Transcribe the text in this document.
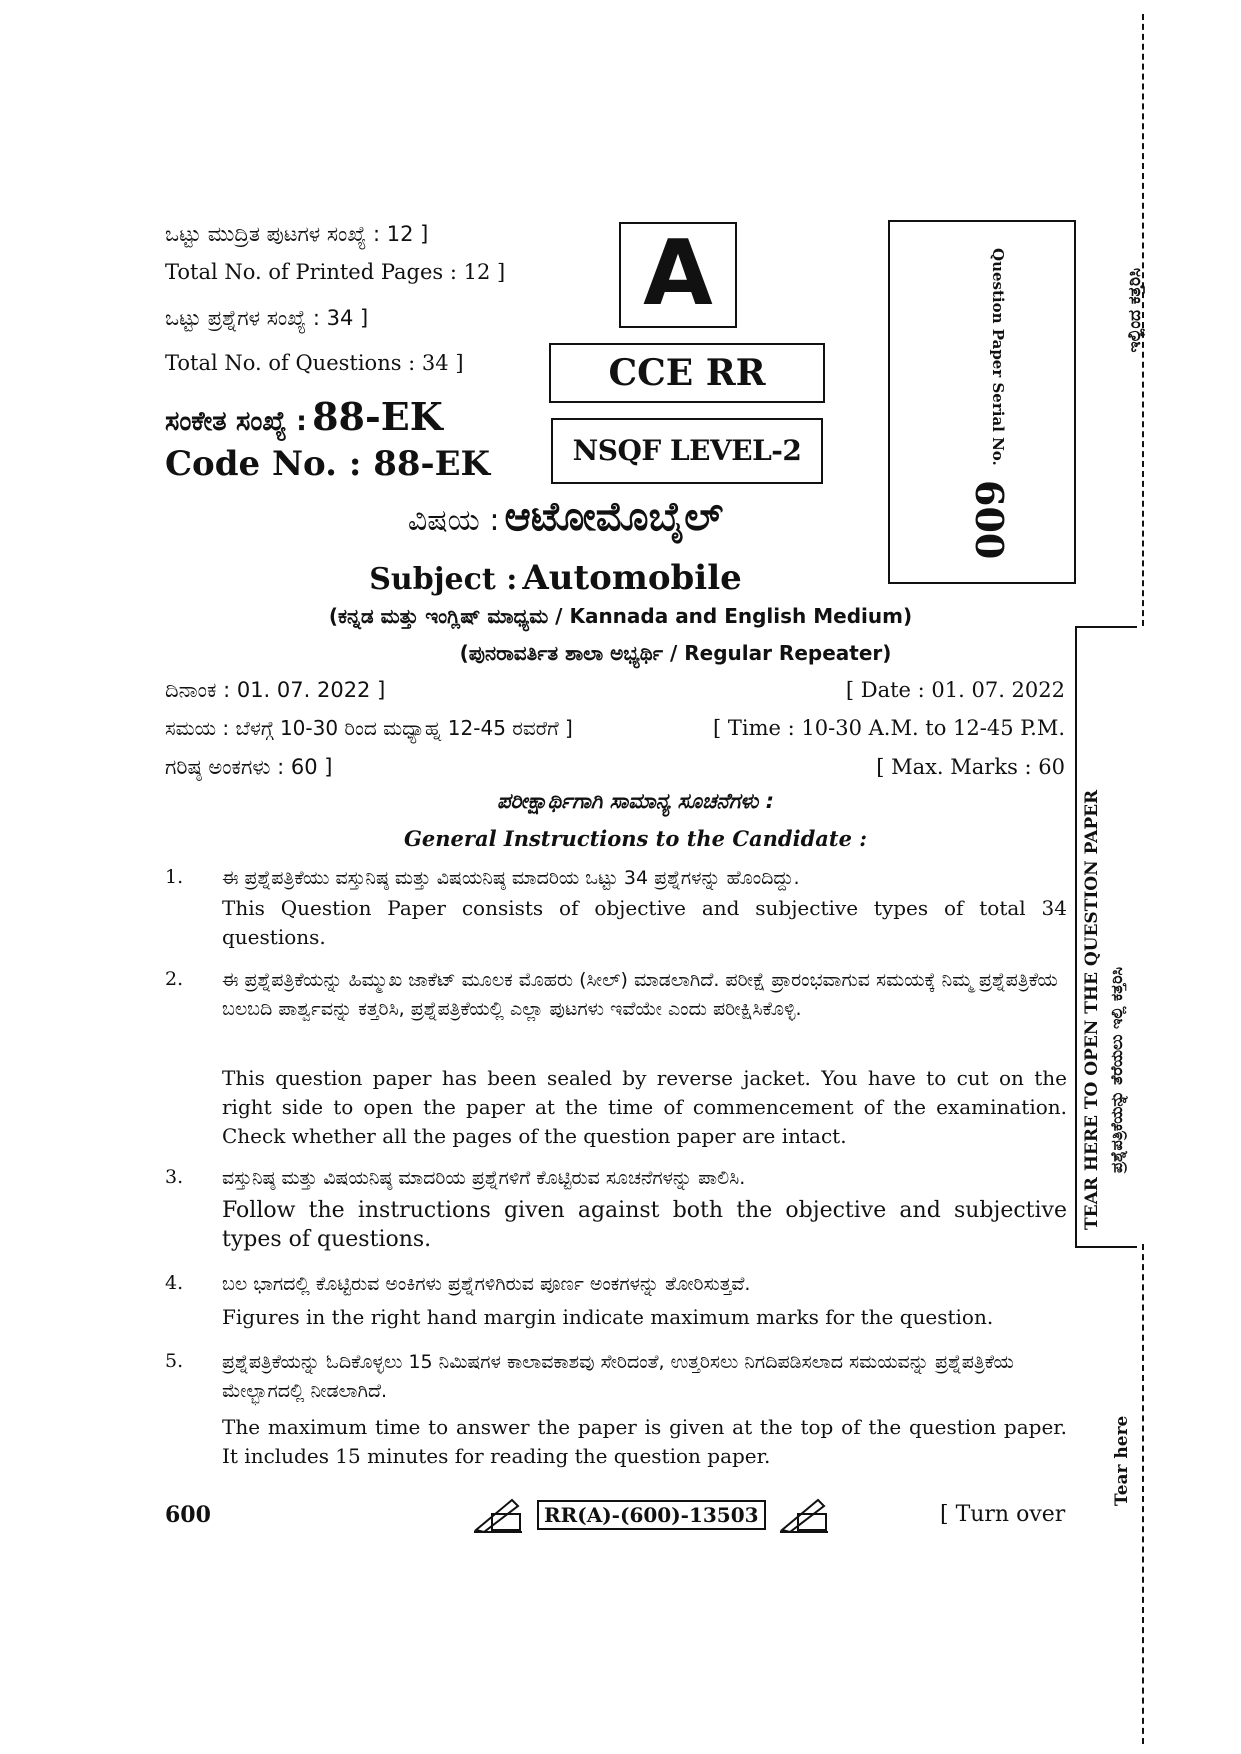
ಒಟ್ಟು ಮುದ್ರಿತ ಪುಟಗಳ ಸಂಖ್ಯೆ : 12 ]
Total No. of Printed Pages : 12 ]
ಒಟ್ಟು ಪ್ರಶ್ನೆಗಳ ಸಂಖ್ಯೆ : 34 ]
Total No. of Questions : 34 ]
ಸಂಕೇತ ಸಂಖ್ಯೆ : 88-EK
Code No. : 88-EK
A
CCE RR
NSQF LEVEL-2	Question Paper Serial No.
600
ವಿಷಯ : ಆಟೋಮೊಬೈಲ್
Subject : Automobile
(ಕನ್ನಡ ಮತ್ತು ಇಂಗ್ಲಿಷ್ ಮಾಧ್ಯಮ / Kannada and English Medium)
(ಪುನರಾವರ್ತಿತ ಶಾಲಾ ಅಭ್ಯರ್ಥಿ / Regular Repeater)
ದಿನಾಂಕ : 01. 07. 2022 ]	[ Date : 01. 07. 2022
ಸಮಯ : ಬೆಳಗ್ಗೆ 10-30 ರಿಂದ ಮಧ್ಯಾಹ್ನ 12-45 ರವರೆಗೆ ]	[ Time : 10-30 A.M. to 12-45 P.M.
ಗರಿಷ್ಠ ಅಂಕಗಳು : 60 ]	[ Max. Marks : 60
ಪರೀಕ್ಷಾರ್ಥಿಗಾಗಿ ಸಾಮಾನ್ಯ ಸೂಚನೆಗಳು :
General Instructions to the Candidate :
1. ಈ ಪ್ರಶ್ನೆಪತ್ರಿಕೆಯು ವಸ್ತುನಿಷ್ಠ ಮತ್ತು ವಿಷಯನಿಷ್ಠ ಮಾದರಿಯ ಒಟ್ಟು 34 ಪ್ರಶ್ನೆಗಳನ್ನು ಹೊಂದಿದ್ದು.
This Question Paper consists of objective and subjective types of total 34 questions.
2. ಈ ಪ್ರಶ್ನೆಪತ್ರಿಕೆಯನ್ನು ಹಿಮ್ಮುಖ ಜಾಕೆಟ್ ಮೂಲಕ ಮೊಹರು (ಸೀಲ್) ಮಾಡಲಾಗಿದೆ. ಪರೀಕ್ಷೆ ಪ್ರಾರಂಭವಾಗುವ ಸಮಯಕ್ಕೆ ನಿಮ್ಮ ಪ್ರಶ್ನೆಪತ್ರಿಕೆಯ ಬಲಬದಿ ಪಾರ್ಶ್ವವನ್ನು ಕತ್ತರಿಸಿ, ಪ್ರಶ್ನೆಪತ್ರಿಕೆಯಲ್ಲಿ ಎಲ್ಲಾ ಪುಟಗಳು ಇವೆಯೇ ಎಂದು ಪರೀಕ್ಷಿಸಿಕೊಳ್ಳಿ.
This question paper has been sealed by reverse jacket. You have to cut on the right side to open the paper at the time of commencement of the examination. Check whether all the pages of the question paper are intact.
3. ವಸ್ತುನಿಷ್ಠ ಮತ್ತು ವಿಷಯನಿಷ್ಠ ಮಾದರಿಯ ಪ್ರಶ್ನೆಗಳಿಗೆ ಕೊಟ್ಟಿರುವ ಸೂಚನೆಗಳನ್ನು ಪಾಲಿಸಿ.
Follow the instructions given against both the objective and subjective types of questions.
4. ಬಲ ಭಾಗದಲ್ಲಿ ಕೊಟ್ಟಿರುವ ಅಂಕಿಗಳು ಪ್ರಶ್ನೆಗಳಿಗಿರುವ ಪೂರ್ಣ ಅಂಕಗಳನ್ನು ತೋರಿಸುತ್ತವೆ.
Figures in the right hand margin indicate maximum marks for the question.
5. ಪ್ರಶ್ನೆಪತ್ರಿಕೆಯನ್ನು ಓದಿಕೊಳ್ಳಲು 15 ನಿಮಿಷಗಳ ಕಾಲಾವಕಾಶವು ಸೇರಿದಂತೆ, ಉತ್ತರಿಸಲು ನಿಗದಿಪಡಿಸಲಾದ ಸಮಯವನ್ನು ಪ್ರಶ್ನೆಪತ್ರಿಕೆಯ ಮೇಲ್ಭಾಗದಲ್ಲಿ ನೀಡಲಾಗಿದೆ.
The maximum time to answer the paper is given at the top of the question paper. It includes 15 minutes for reading the question paper.
600	RR(A)-(600)-13503	[ Turn over
ಇಲ್ಲಿಂದ ಕತ್ತರಿಸಿ
TEAR HERE TO OPEN THE QUESTION PAPER ಪ್ರಶ್ನೆಪತ್ರಿಕೆಯನ್ನು ತೆರೆಯಲು ಇಲ್ಲಿ ಕತ್ತರಿಸಿ
Tear here
